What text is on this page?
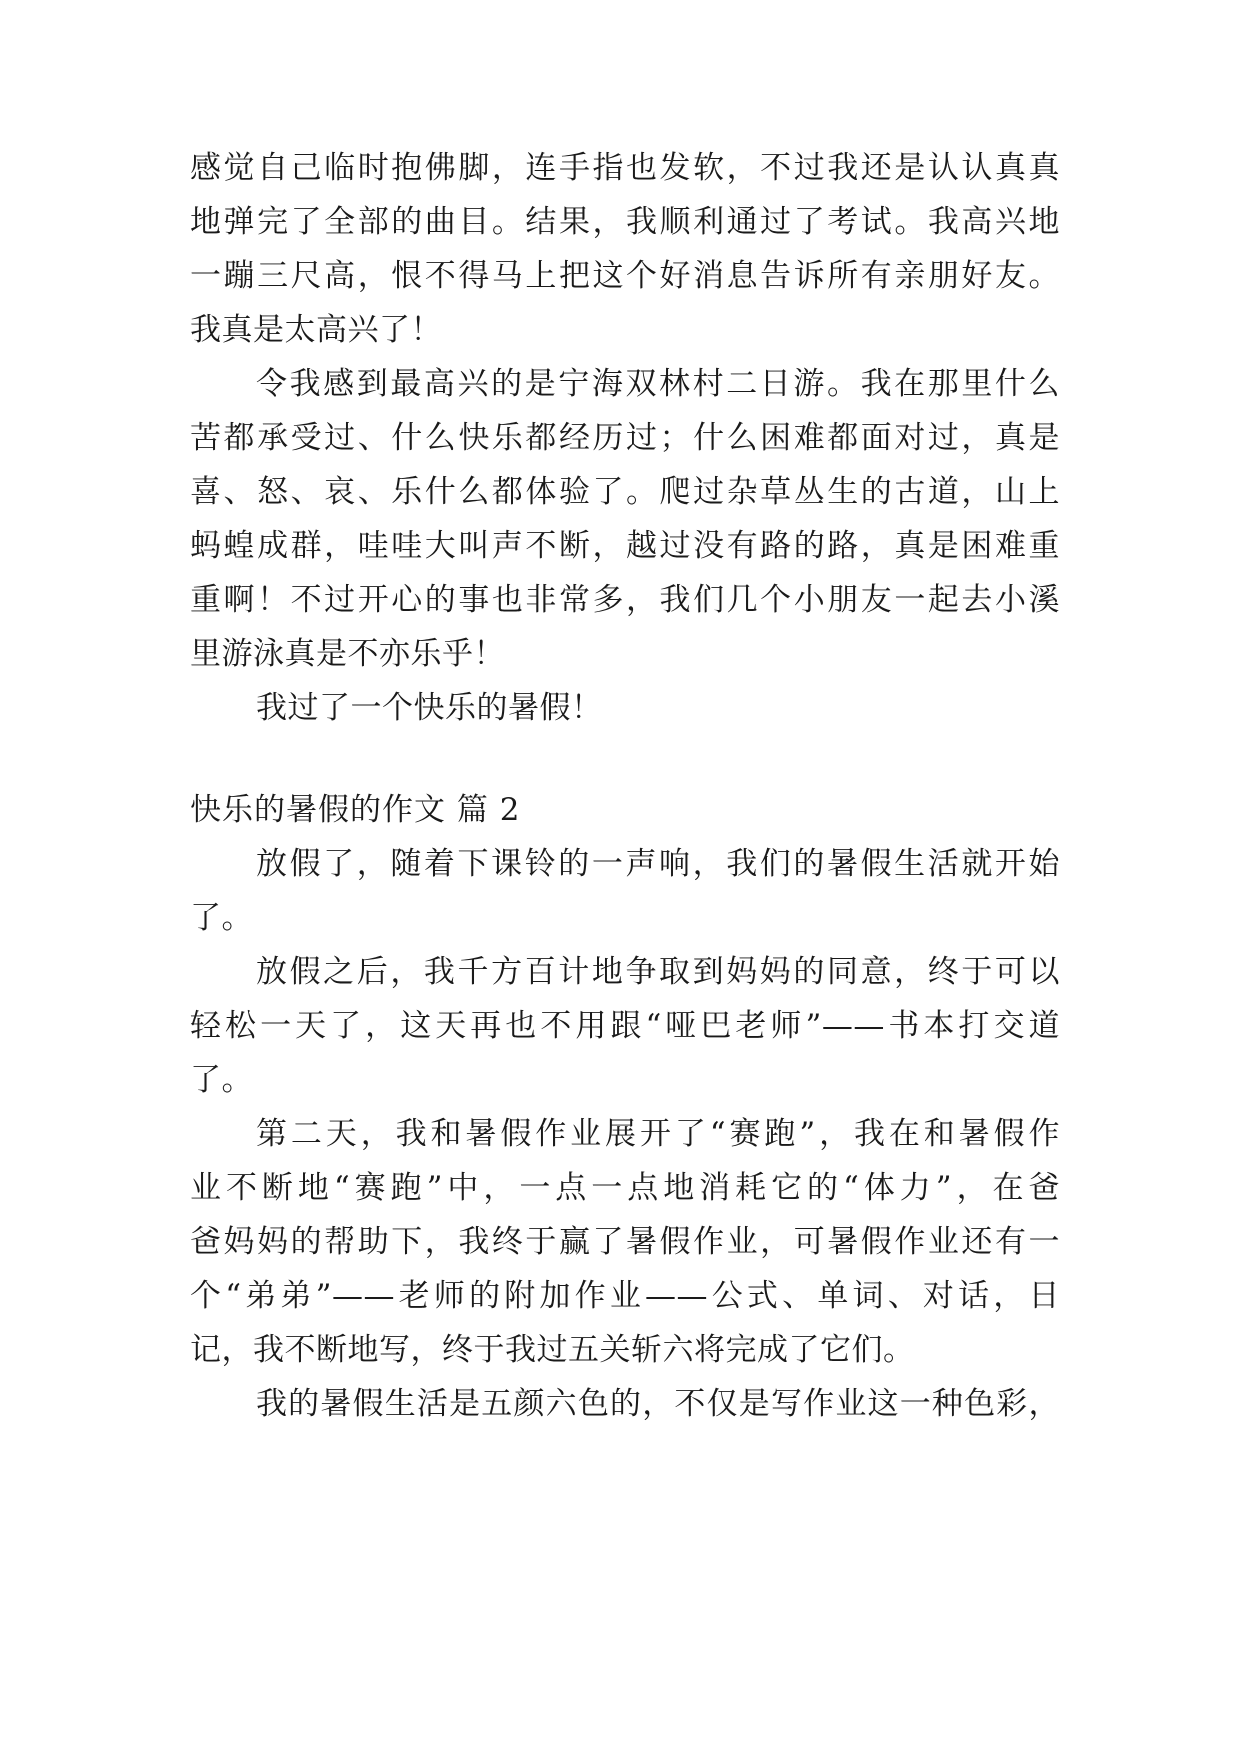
感觉自己临时抱佛脚，连手指也发软，不过我还是认认真真
地弹完了全部的曲目。结果，我顺利通过了考试。我高兴地
一蹦三尺高，恨不得马上把这个好消息告诉所有亲朋好友。
我真是太高兴了！
令我感到最高兴的是宁海双林村二日游。我在那里什么
苦都承受过、什么快乐都经历过；什么困难都面对过，真是
喜、怒、哀、乐什么都体验了。爬过杂草丛生的古道，山上
蚂蝗成群，哇哇大叫声不断，越过没有路的路，真是困难重
重啊！不过开心的事也非常多，我们几个小朋友一起去小溪
里游泳真是不亦乐乎！
我过了一个快乐的暑假！
快乐的暑假的作文 篇 2
放假了，随着下课铃的一声响，我们的暑假生活就开始
了。
放假之后，我千方百计地争取到妈妈的同意，终于可以
轻松一天了，这天再也不用跟“哑巴老师”——书本打交道
了。
第二天，我和暑假作业展开了“赛跑”，我在和暑假作
业不断地“赛跑”中，一点一点地消耗它的“体力”，在爸
爸妈妈的帮助下，我终于赢了暑假作业，可暑假作业还有一
个“弟弟”——老师的附加作业——公式、单词、对话，日
记，我不断地写，终于我过五关斩六将完成了它们。
我的暑假生活是五颜六色的，不仅是写作业这一种色彩，
